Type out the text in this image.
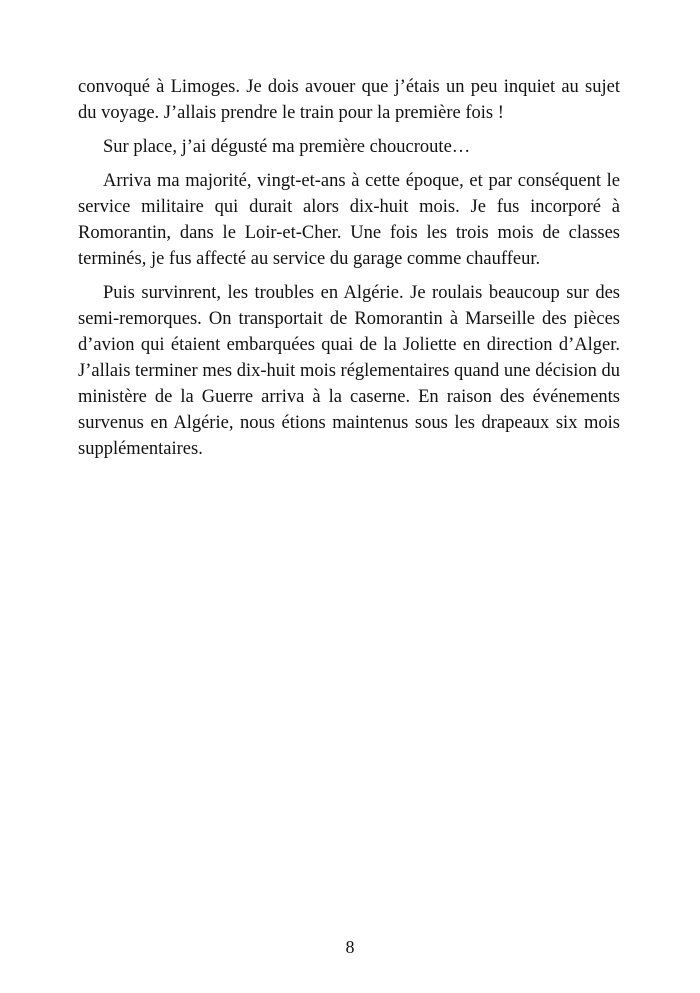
convoqué à Limoges. Je dois avouer que j’étais un peu inquiet au sujet du voyage. J’allais prendre le train pour la première fois !

Sur place, j’ai dégusté ma première choucroute…

Arriva ma majorité, vingt-et-ans à cette époque, et par conséquent le service militaire qui durait alors dix-huit mois. Je fus incorporé à Romorantin, dans le Loir-et-Cher. Une fois les trois mois de classes terminés, je fus affecté au service du garage comme chauffeur.

Puis survinrent, les troubles en Algérie. Je roulais beaucoup sur des semi-remorques. On transportait de Romorantin à Marseille des pièces d’avion qui étaient embarquées quai de la Joliette en direction d’Alger. J’allais terminer mes dix-huit mois réglementaires quand une décision du ministère de la Guerre arriva à la caserne. En raison des événements survenus en Algérie, nous étions maintenus sous les drapeaux six mois supplémentaires.

8
